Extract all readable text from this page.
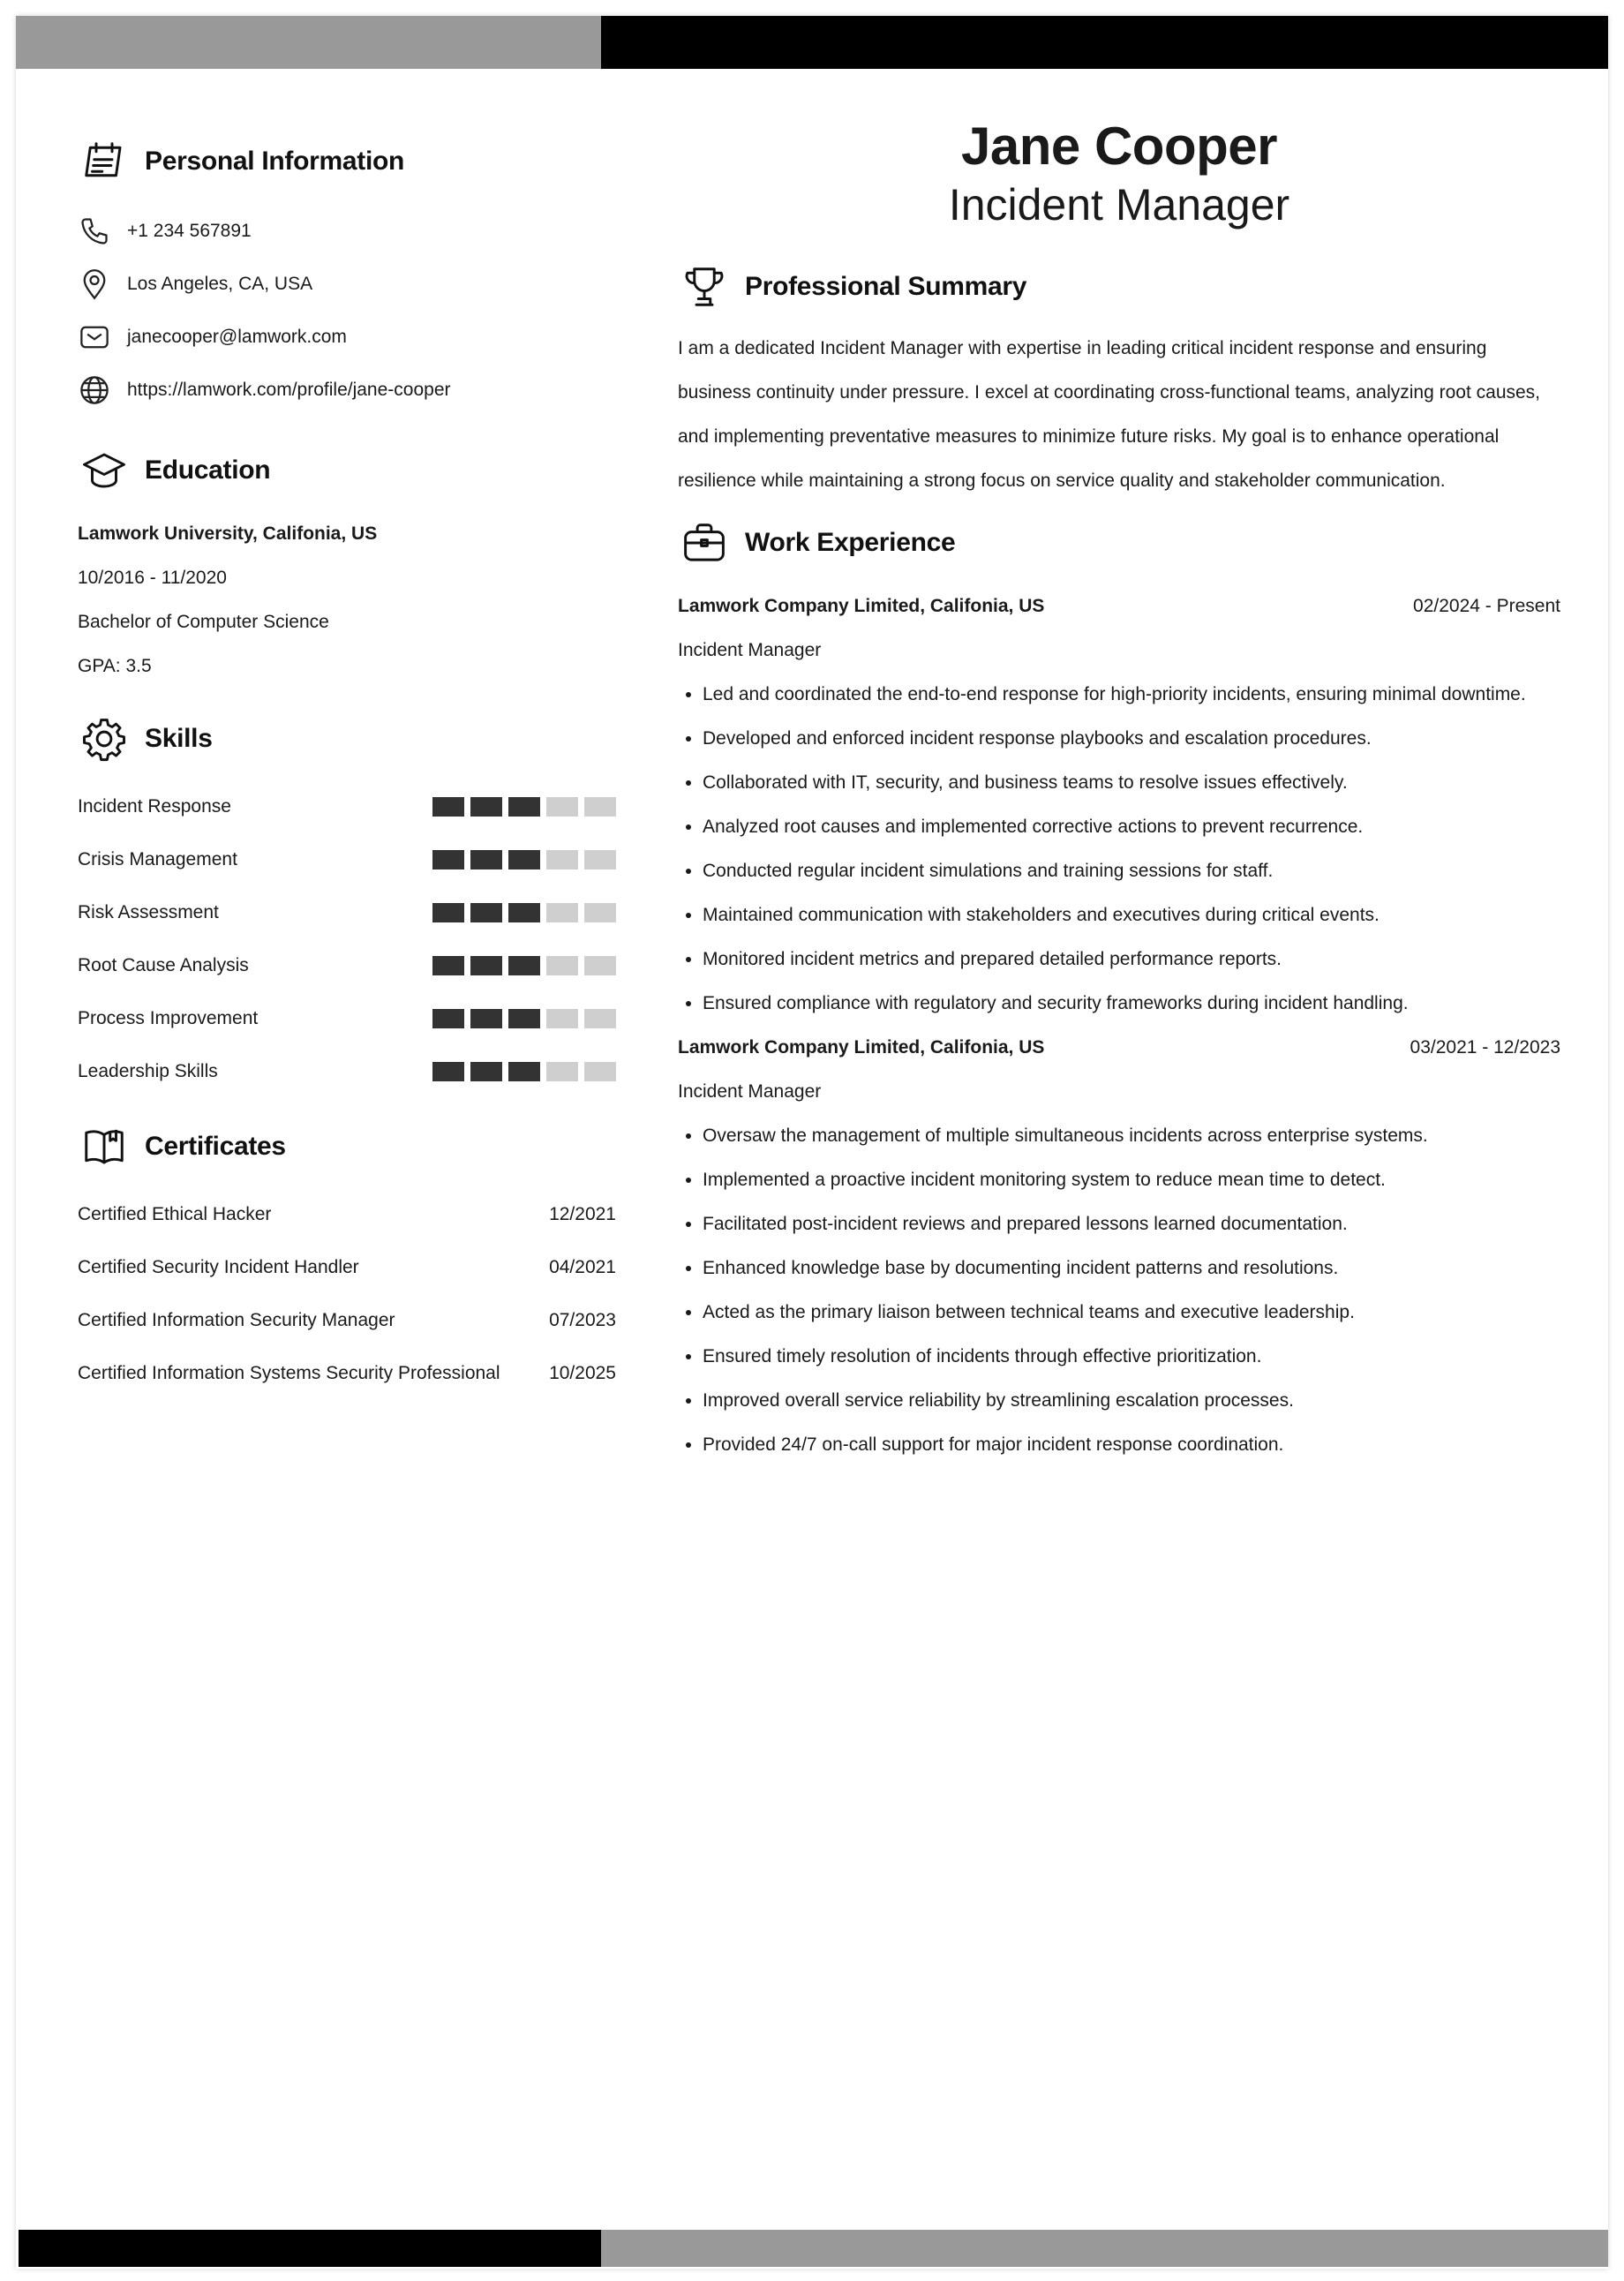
Personal Information
+1 234 567891
Los Angeles, CA, USA
janecooper@lamwork.com
https://lamwork.com/profile/jane-cooper
Education
Lamwork University, Califonia, US
10/2016 - 11/2020
Bachelor of Computer Science
GPA: 3.5
Skills
Incident Response
Crisis Management
Risk Assessment
Root Cause Analysis
Process Improvement
Leadership Skills
Certificates
Certified Ethical Hacker	12/2021
Certified Security Incident Handler	04/2021
Certified Information Security Manager	07/2023
Certified Information Systems Security Professional	10/2025
Jane Cooper
Incident Manager
Professional Summary

I am a dedicated Incident Manager with expertise in leading critical incident response and ensuring business continuity under pressure. I excel at coordinating cross-functional teams, analyzing root causes, and implementing preventative measures to minimize future risks. My goal is to enhance operational resilience while maintaining a strong focus on service quality and stakeholder communication.

Work Experience
Lamwork Company Limited, Califonia, US	02/2024 - Present
Incident Manager
• Led and coordinated the end-to-end response for high-priority incidents, ensuring minimal downtime.
• Developed and enforced incident response playbooks and escalation procedures.
• Collaborated with IT, security, and business teams to resolve issues effectively.
• Analyzed root causes and implemented corrective actions to prevent recurrence.
• Conducted regular incident simulations and training sessions for staff.
• Maintained communication with stakeholders and executives during critical events.
• Monitored incident metrics and prepared detailed performance reports.
• Ensured compliance with regulatory and security frameworks during incident handling.
Lamwork Company Limited, Califonia, US	03/2021 - 12/2023
Incident Manager
• Oversaw the management of multiple simultaneous incidents across enterprise systems.
• Implemented a proactive incident monitoring system to reduce mean time to detect.
• Facilitated post-incident reviews and prepared lessons learned documentation.
• Enhanced knowledge base by documenting incident patterns and resolutions.
• Acted as the primary liaison between technical teams and executive leadership.
• Ensured timely resolution of incidents through effective prioritization.
• Improved overall service reliability by streamlining escalation processes.
• Provided 24/7 on-call support for major incident response coordination.
